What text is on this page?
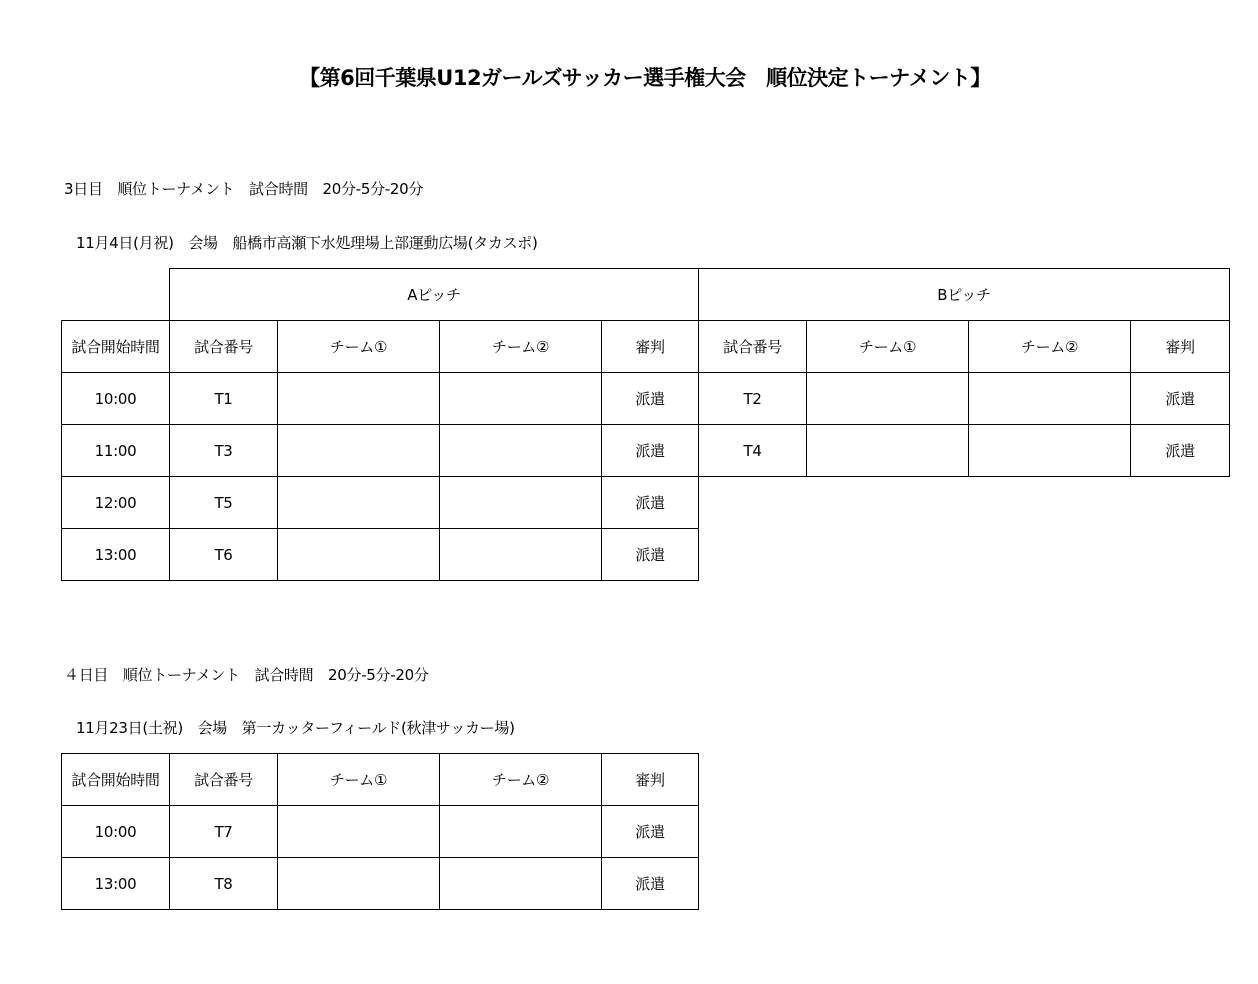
【第6回千葉県U12ガールズサッカー選手権大会　順位決定トーナメント】
3日目　順位トーナメント　試合時間　20分-5分-20分
11月4日(月祝)　会場　船橋市高瀬下水処理場上部運動広場(タカスポ)
	Aピッチ				Bピッチ			
試合開始時間	試合番号	チーム①	チーム②	審判	試合番号	チーム①	チーム②	審判
10:00	T1			派遣	T2			派遣
11:00	T3			派遣	T4			派遣
12:00	T5			派遣				
13:00	T6			派遣				
４日目　順位トーナメント　試合時間　20分-5分-20分
11月23日(土祝)　会場　第一カッターフィールド(秋津サッカー場)
試合開始時間	試合番号	チーム①	チーム②	審判
10:00	T7			派遣
13:00	T8			派遣
